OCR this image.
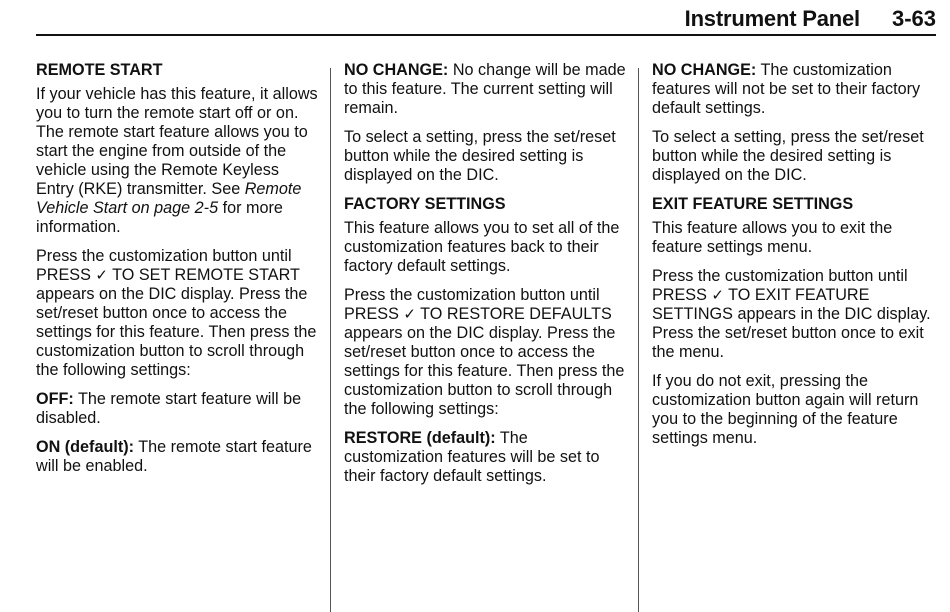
Instrument Panel 3-63
REMOTE START

If your vehicle has this feature, it allows you to turn the remote start off or on. The remote start feature allows you to start the engine from outside of the vehicle using the Remote Keyless Entry (RKE) transmitter. See Remote Vehicle Start on page 2-5 for more information.

Press the customization button until PRESS ✓ TO SET REMOTE START appears on the DIC display. Press the set/reset button once to access the settings for this feature. Then press the customization button to scroll through the following settings:

OFF: The remote start feature will be disabled.

ON (default): The remote start feature will be enabled.

NO CHANGE: No change will be made to this feature. The current setting will remain.

To select a setting, press the set/reset button while the desired setting is displayed on the DIC.

FACTORY SETTINGS

This feature allows you to set all of the customization features back to their factory default settings.

Press the customization button until PRESS ✓ TO RESTORE DEFAULTS appears on the DIC display. Press the set/reset button once to access the settings for this feature. Then press the customization button to scroll through the following settings:

RESTORE (default): The customization features will be set to their factory default settings.

NO CHANGE: The customization features will not be set to their factory default settings.

To select a setting, press the set/reset button while the desired setting is displayed on the DIC.

EXIT FEATURE SETTINGS

This feature allows you to exit the feature settings menu.

Press the customization button until PRESS ✓ TO EXIT FEATURE SETTINGS appears in the DIC display. Press the set/reset button once to exit the menu.

If you do not exit, pressing the customization button again will return you to the beginning of the feature settings menu.
